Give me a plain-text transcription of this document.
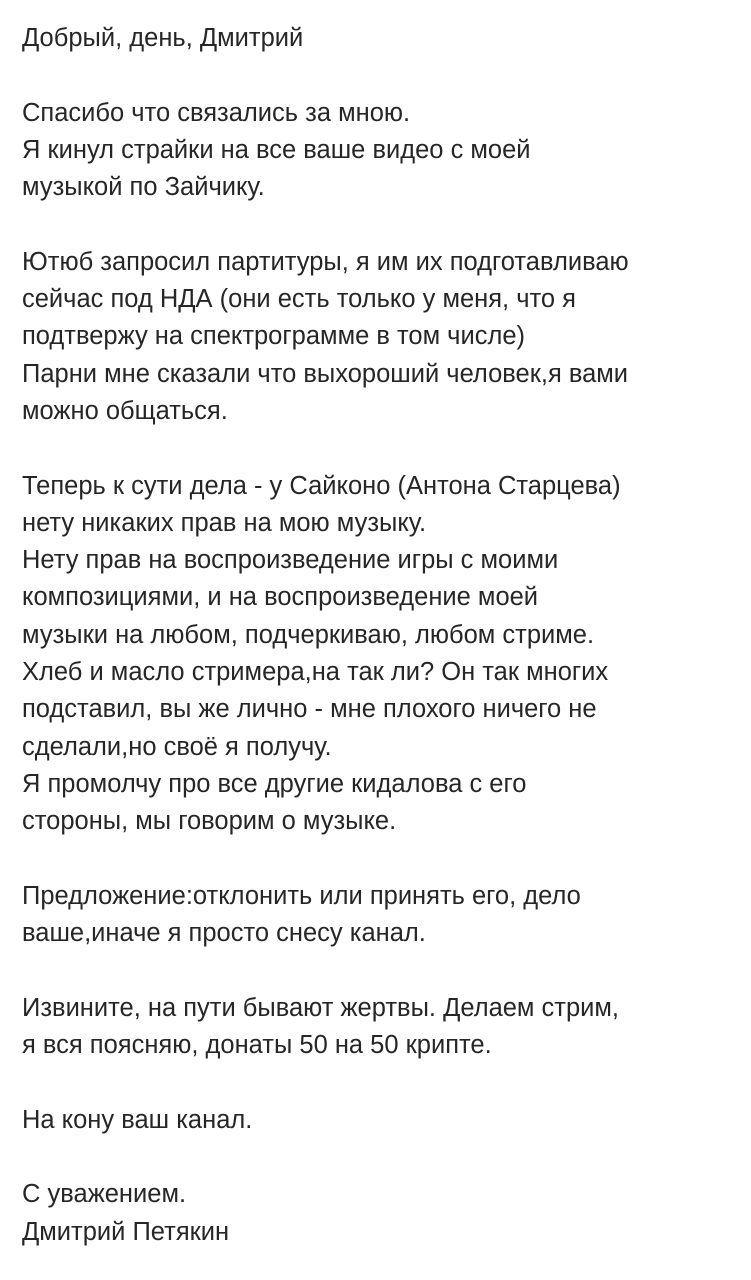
Добрый, день, Дмитрий
Спасибо что связались за мною.
Я кинул страйки на все ваше видео с моей
музыкой по Зайчику.
Ютюб запросил партитуры, я им их подготавливаю
сейчас под НДА (они есть только у меня, что я
подтвержу на спектрограмме в том числе)
Парни мне сказали что выхороший человек,я вами
можно общаться.
Теперь к сути дела - у Сайконо (Антона Старцева)
нету никаких прав на мою музыку.
Нету прав на воспроизведение игры с моими
композициями, и на воспроизведение моей
музыки на любом, подчеркиваю, любом стриме.
Хлеб и масло стримера,на так ли? Он так многих
подставил, вы же лично - мне плохого ничего не
сделали,но своё я получу.
Я промолчу про все другие кидалова с его
стороны, мы говорим о музыке.
Предложение:отклонить или принять его, дело
ваше,иначе я просто снесу канал.
Извините, на пути бывают жертвы. Делаем стрим,
я вся поясняю, донаты 50 на 50 крипте.
На кону ваш канал.
С уважением.
Дмитрий Петякин
